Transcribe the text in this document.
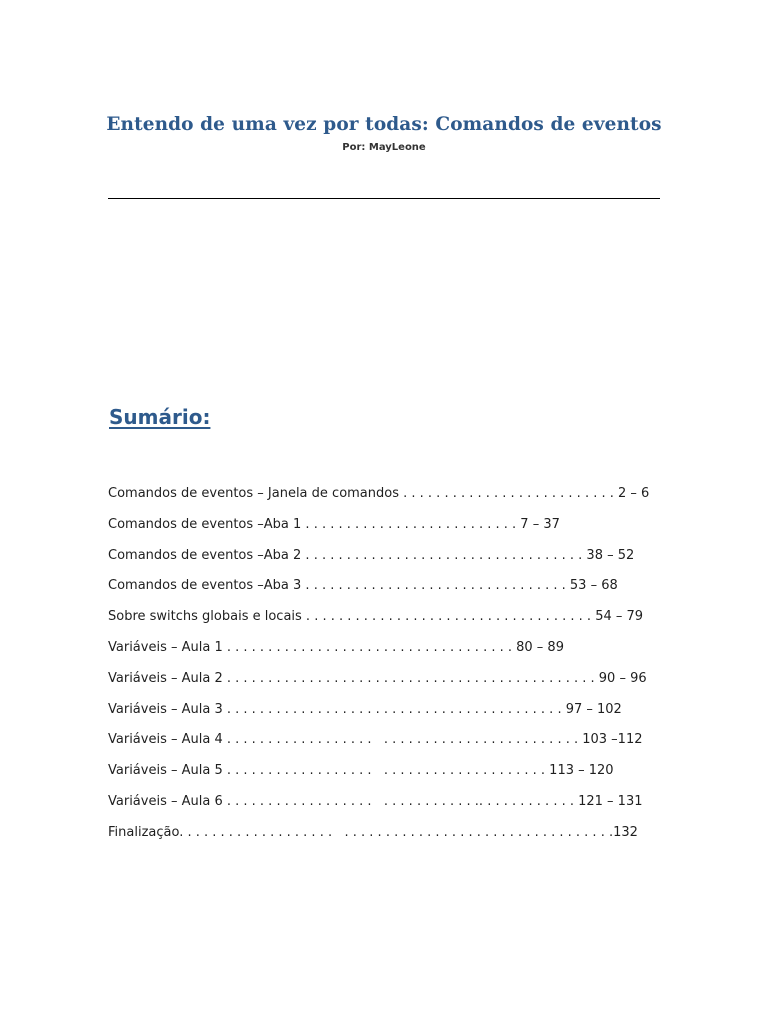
Entendo de uma vez por todas: Comandos de eventos
Por: MayLeone
Sumário:
Comandos de eventos – Janela de comandos . . . . . . . . . . . . . . . . . . . . . . . . . . 2 – 6
Comandos de eventos –Aba 1 . . . . . . . . . . . . . . . . . . . . . . . . . . 7 – 37
Comandos de eventos –Aba 2 . . . . . . . . . . . . . . . . . . . . . . . . . . . . . . . . . . 38 – 52
Comandos de eventos –Aba 3 . . . . . . . . . . . . . . . . . . . . . . . . . . . . . . . . 53 – 68
Sobre switchs globais e locais . . . . . . . . . . . . . . . . . . . . . . . . . . . . . . . . . . . 54 – 79
Variáveis – Aula 1 . . . . . . . . . . . . . . . . . . . . . . . . . . . . . . . . . . . 80 – 89
Variáveis – Aula 2 . . . . . . . . . . . . . . . . . . . . . . . . . . . . . . . . . . . . . . . . . . . . . 90 – 96
Variáveis – Aula 3 . . . . . . . . . . . . . . . . . . . . . . . . . . . . . . . . . . . . . . . . . 97 – 102
Variáveis – Aula 4 . . . . . . . . . . . . . . . . . .   . . . . . . . . . . . . . . . . . . . . . . . . 103 –112
Variáveis – Aula 5 . . . . . . . . . . . . . . . . . .   . . . . . . . . . . . . . . . . . . . . 113 – 120
Variáveis – Aula 6 . . . . . . . . . . . . . . . . . .   . . . . . . . . . . . .. . . . . . . . . . . . 121 – 131
Finalização. . . . . . . . . . . . . . . . . . .   . . . . . . . . . . . . . . . . . . . . . . . . . . . . . . . . .132
